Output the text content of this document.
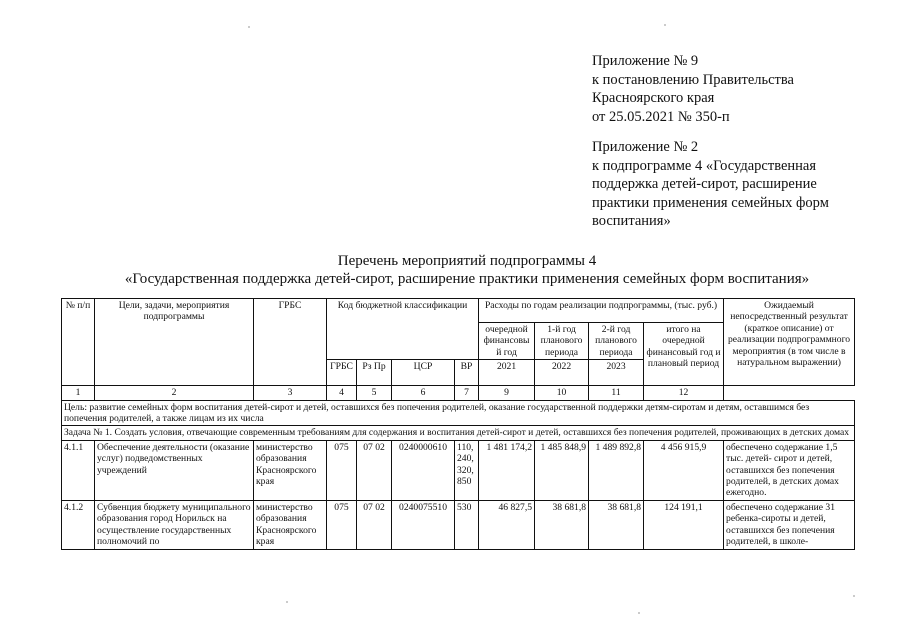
Приложение № 9
к постановлению Правительства
Красноярского края
от 25.05.2021 № 350-п
Приложение № 2
к подпрограмме 4 «Государственная
поддержка детей-сирот, расширение
практики применения семейных форм
воспитания»
Перечень мероприятий подпрограммы 4
«Государственная поддержка детей-сирот, расширение практики применения семейных форм воспитания»
№ п/п	Цели, задачи, мероприятия подпрограммы	ГРБС	Код бюджетной классификации				Расходы по годам реализации подпрограммы, (тыс. руб.)				Ожидаемый непосредственный результат (краткое описание) от реализации подпрограммного мероприятия (в том числе в натуральном выражении)
							очередной финансовый год	1-й год планового периода	2-й год планового периода	итого на очередной финансовый год и плановый период	
			ГРБС	Рз Пр	ЦСР	ВР	2021	2022	2023		
1	2	3	4	5	6	7	9	10	11	12	
Цель: развитие семейных форм воспитания детей-сирот и детей, оставшихся без попечения родителей, оказание государственной поддержки детям-сиротам и детям, оставшимся без попечения родителей, а также лицам из их числа											
Задача № 1. Создать условия, отвечающие современным требованиям для содержания и воспитания детей-сирот и детей, оставшихся без попечения родителей, проживающих в детских домах											
4.1.1	Обеспечение деятельности (оказание услуг) подведомственных учреждений	министерство образования Красноярского края	075	07 02	0240000610	110, 240, 320, 850	1 481 174,2	1 485 848,9	1 489 892,8	4 456 915,9	обеспечено содержание 1,5 тыс. детей- сирот и детей, оставшихся без попечения родителей, в детских домах ежегодно.
4.1.2	Субвенция бюджету муниципального образования город Норильск на осуществление государственных полномочий по	министерство образования Красноярского края	075	07 02	0240075510	530	46 827,5	38 681,8	38 681,8	124 191,1	обеспечено содержание 31 ребенка-сироты и детей, оставшихся без попечения родителей, в школе-
